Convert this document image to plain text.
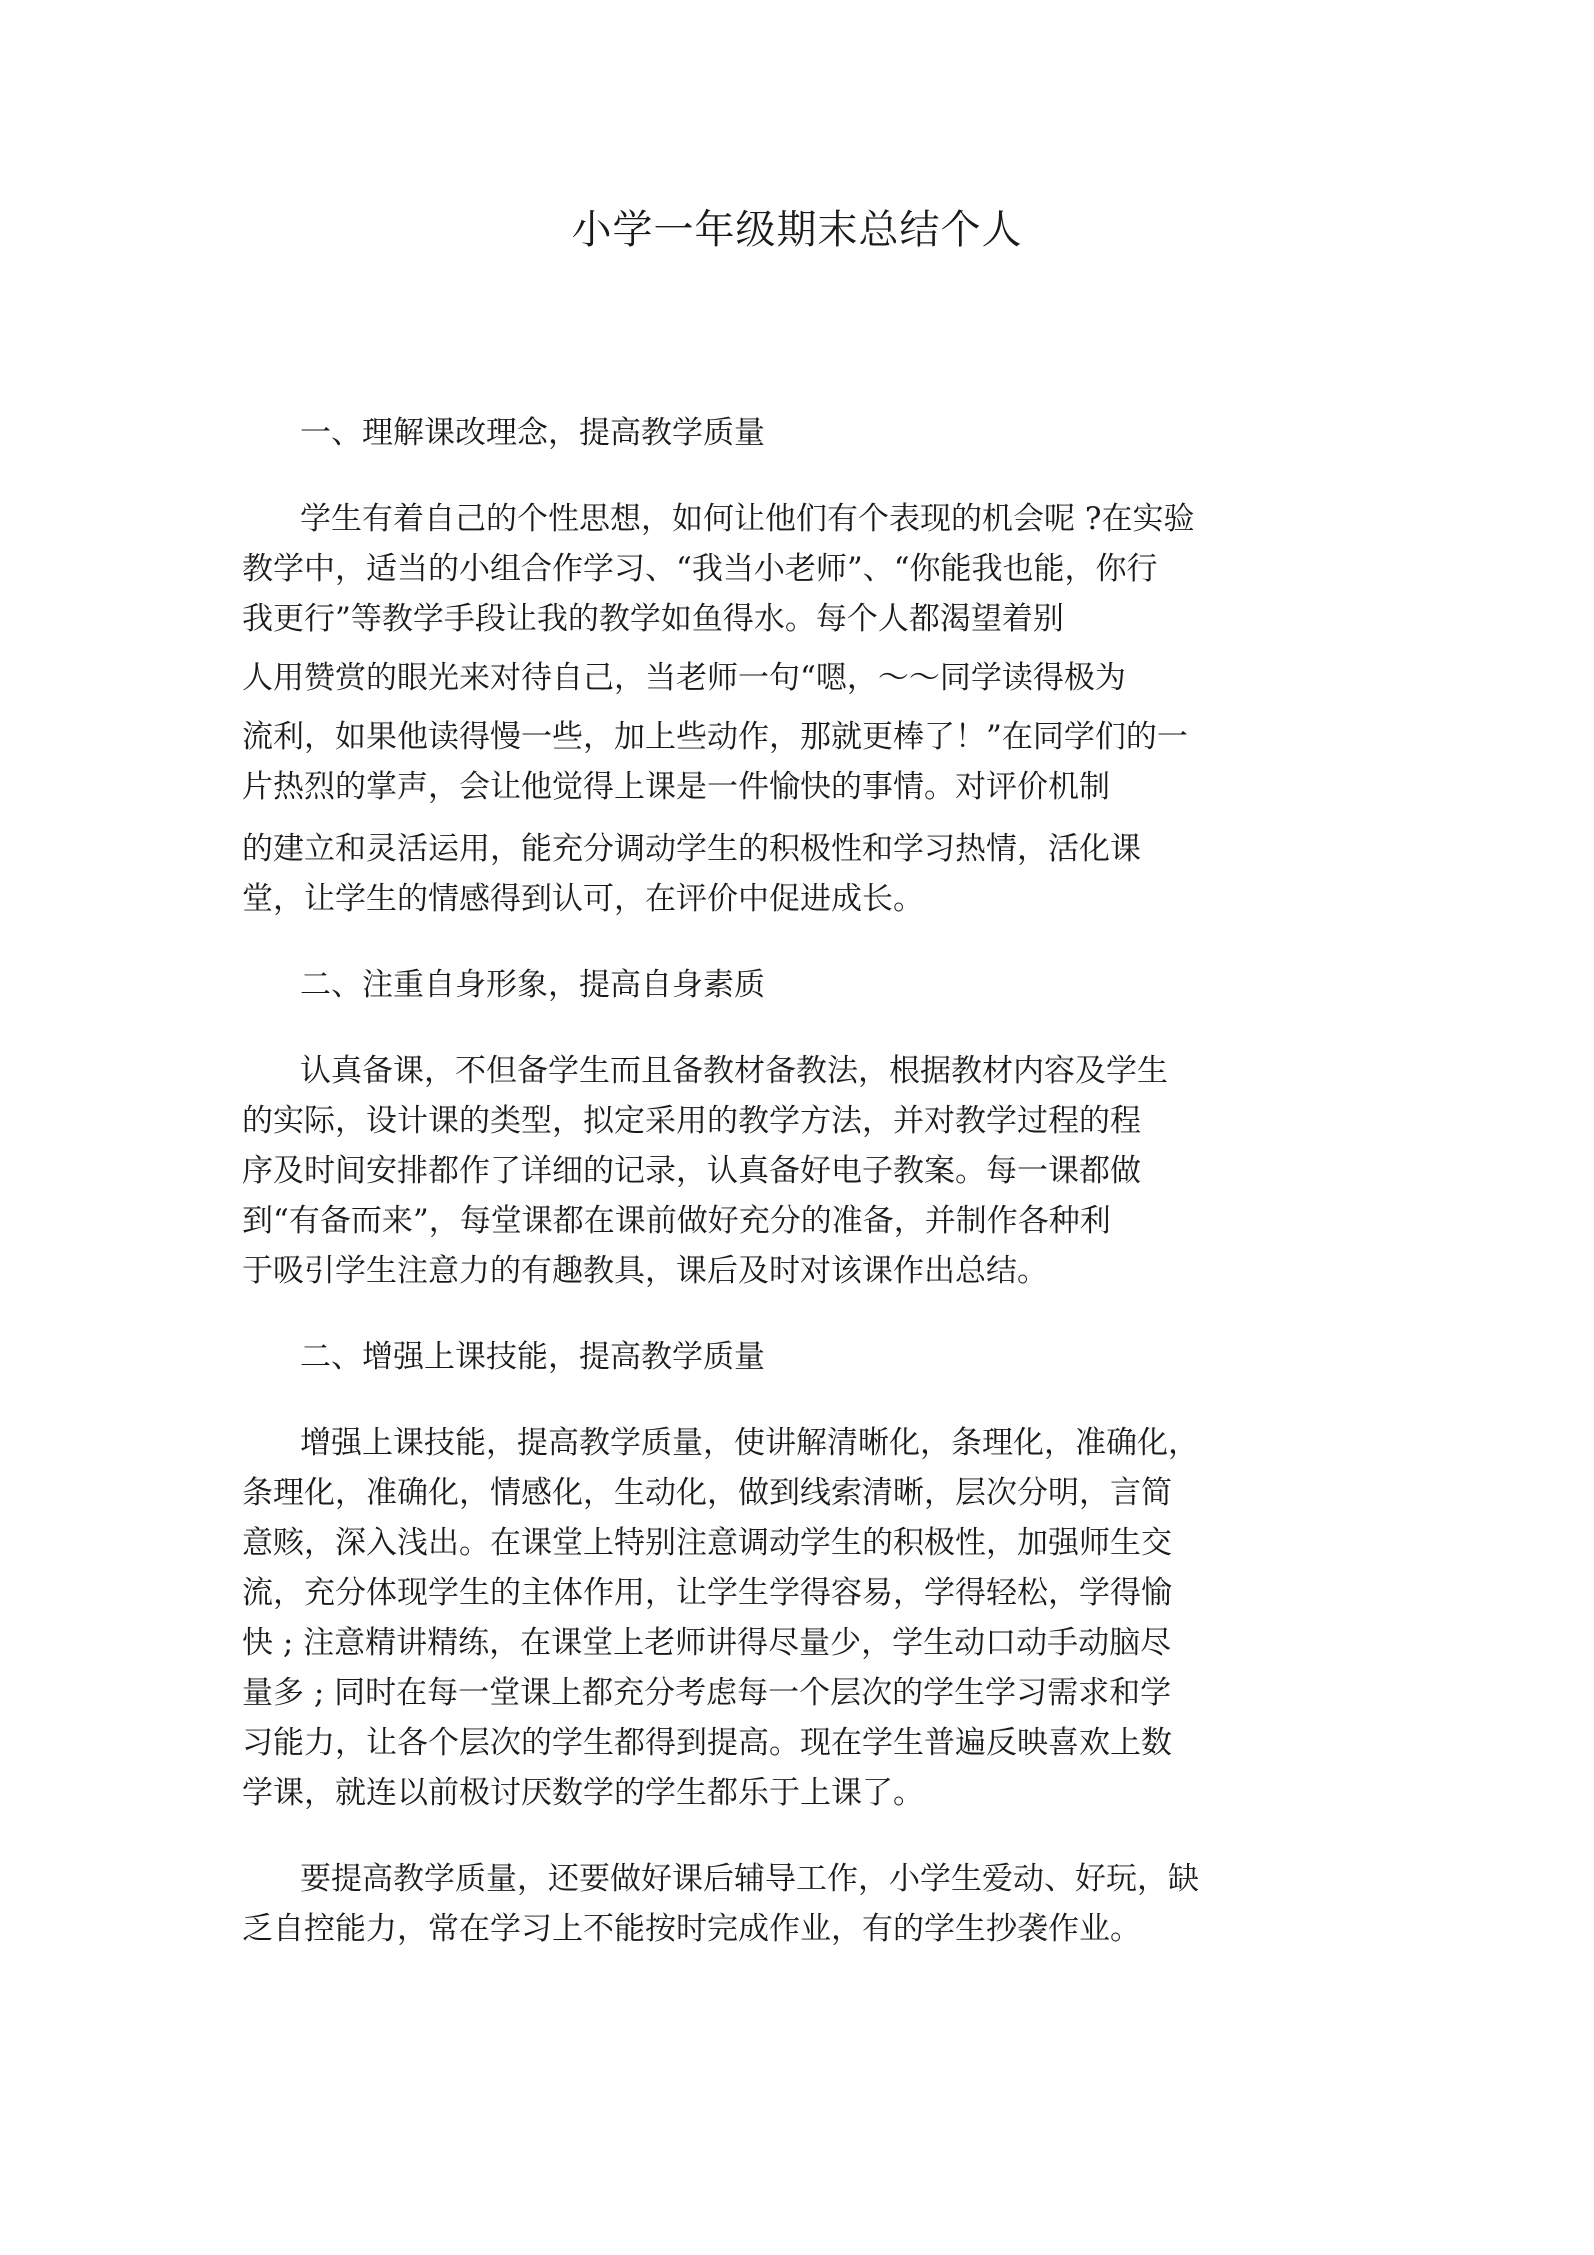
小学一年级期末总结个人
一、理解课改理念，提高教学质量

学生有着自己的个性思想，如何让他们有个表现的机会呢 ?在实验

教学中，适当的小组合作学习、“我当小老师”、“你能我也能，你行

我更行”等教学手段让我的教学如鱼得水。每个人都渴望着别

人用赞赏的眼光来对待自己，当老师一句“嗯，～～同学读得极为

流利，如果他读得慢一些，加上些动作，那就更棒了！”在同学们的一

片热烈的掌声，会让他觉得上课是一件愉快的事情。对评价机制

的建立和灵活运用，能充分调动学生的积极性和学习热情，活化课

堂，让学生的情感得到认可，在评价中促进成长。

二、注重自身形象，提高自身素质

认真备课，不但备学生而且备教材备教法，根据教材内容及学生

的实际，设计课的类型，拟定采用的教学方法，并对教学过程的程

序及时间安排都作了详细的记录，认真备好电子教案。每一课都做

到“有备而来”，每堂课都在课前做好充分的准备，并制作各种利

于吸引学生注意力的有趣教具，课后及时对该课作出总结。

二、增强上课技能，提高教学质量

增强上课技能，提高教学质量，使讲解清晰化，条理化，准确化，

条理化，准确化，情感化，生动化，做到线索清晰，层次分明，言简

意赅，深入浅出。在课堂上特别注意调动学生的积极性，加强师生交

流，充分体现学生的主体作用，让学生学得容易，学得轻松，学得愉

快 ; 注意精讲精练，在课堂上老师讲得尽量少，学生动口动手动脑尽

量多 ; 同时在每一堂课上都充分考虑每一个层次的学生学习需求和学

习能力，让各个层次的学生都得到提高。现在学生普遍反映喜欢上数

学课，就连以前极讨厌数学的学生都乐于上课了。

要提高教学质量，还要做好课后辅导工作，小学生爱动、好玩，缺

乏自控能力，常在学习上不能按时完成作业，有的学生抄袭作业。
